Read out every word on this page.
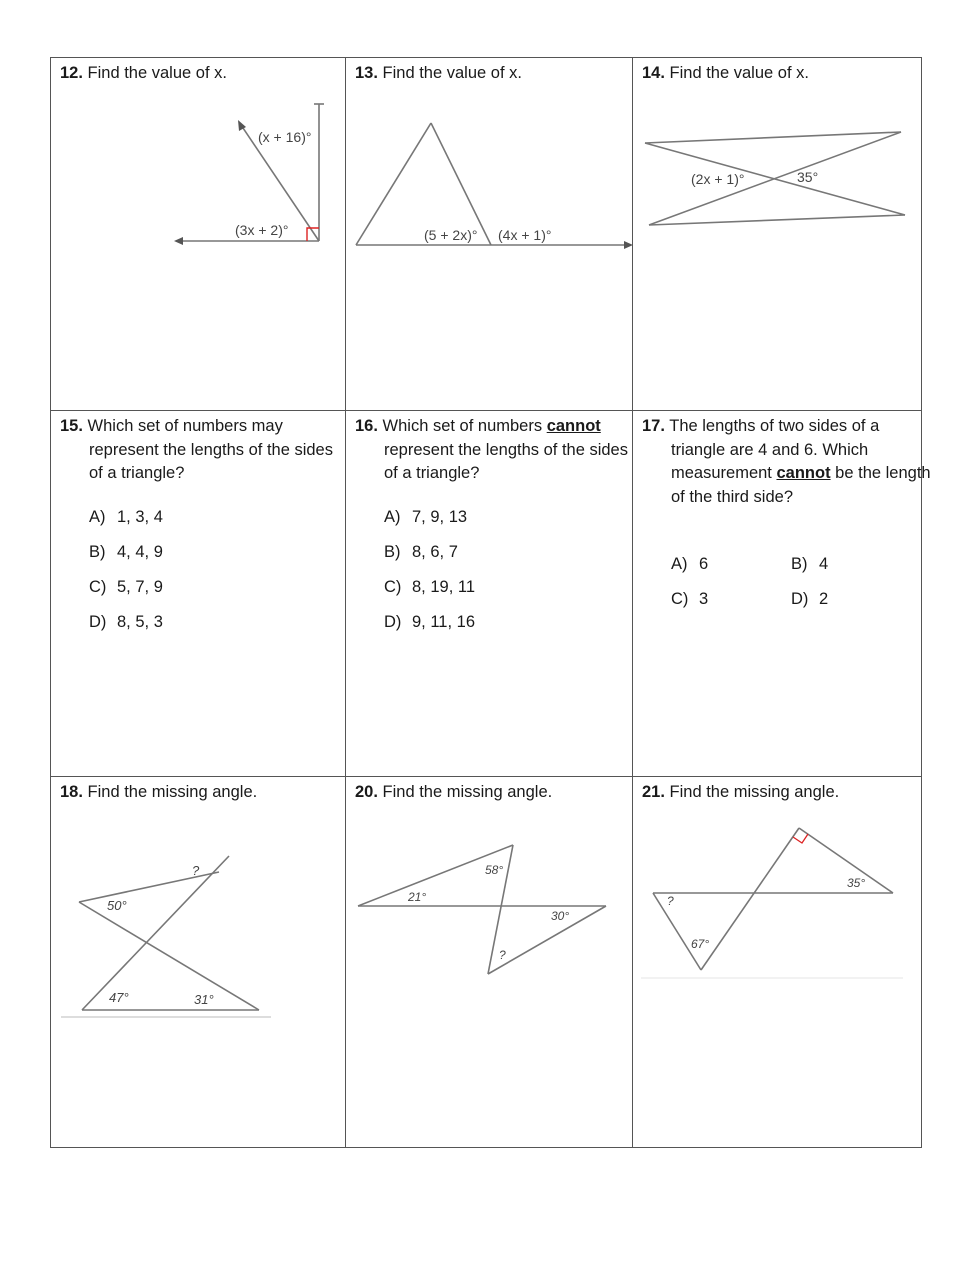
12. Find the value of x.
(x + 16)°
(3x + 2)°
13. Find the value of x.
(5 + 2x)° (4x + 1)°
14. Find the value of x.
(2x + 1)°	35°
15. Which set of numbers may represent the lengths of the sides of a triangle?
A) 1, 3, 4
B) 4, 4, 9
C) 5, 7, 9
D) 8, 5, 3
16. Which set of numbers cannot represent the lengths of the sides of a triangle?
A) 7, 9, 13
B) 8, 6, 7
C) 8, 19, 11
D) 9, 11, 16
17. The lengths of two sides of a triangle are 4 and 6. Which measurement cannot be the length of the third side?
A) 6	B) 4
C) 3	D) 2
18. Find the missing angle.
?
50°
47°	31°
20. Find the missing angle.
58°
21°
30°
?
21. Find the missing angle.
35°
?
67°
